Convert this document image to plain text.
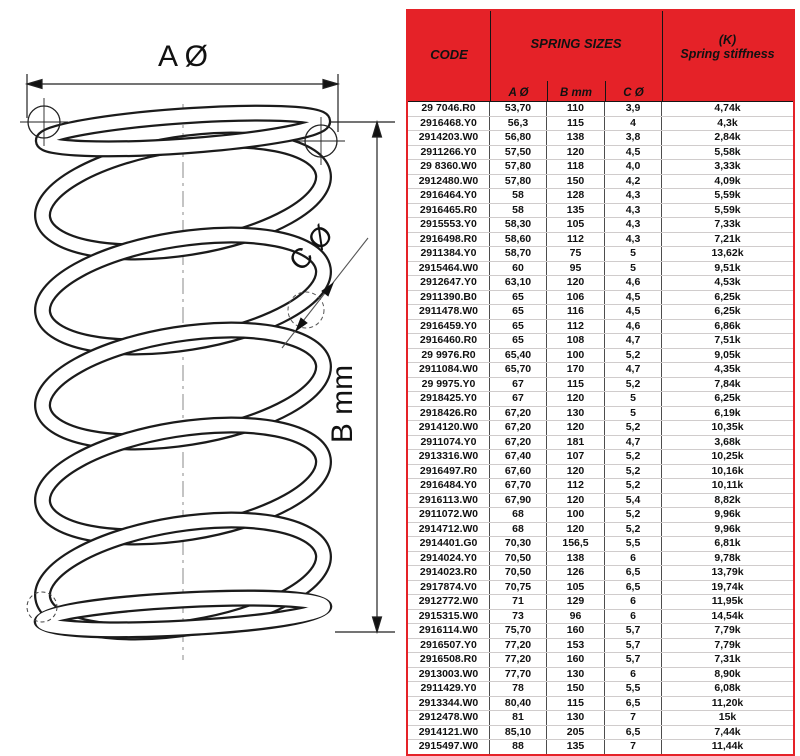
A Ø
B mm
C Ø
CODE
SPRING SIZES	(K)
Spring stiffness
A Ø	B mm	C Ø
29 7046.R0	53,70	110	3,9	4,74k
2916468.Y0	56,3	115	4	4,3k
2914203.W0	56,80	138	3,8	2,84k
2911266.Y0	57,50	120	4,5	5,58k
29 8360.W0	57,80	118	4,0	3,33k
2912480.W0	57,80	150	4,2	4,09k
2916464.Y0	58	128	4,3	5,59k
2916465.R0	58	135	4,3	5,59k
2915553.Y0	58,30	105	4,3	7,33k
2916498.R0	58,60	112	4,3	7,21k
2911384.Y0	58,70	75	5	13,62k
2915464.W0	60	95	5	9,51k
2912647.Y0	63,10	120	4,6	4,53k
2911390.B0	65	106	4,5	6,25k
2911478.W0	65	116	4,5	6,25k
2916459.Y0	65	112	4,6	6,86k
2916460.R0	65	108	4,7	7,51k
29 9976.R0	65,40	100	5,2	9,05k
2911084.W0	65,70	170	4,7	4,35k
29 9975.Y0	67	115	5,2	7,84k
2918425.Y0	67	120	5	6,25k
2918426.R0	67,20	130	5	6,19k
2914120.W0	67,20	120	5,2	10,35k
2911074.Y0	67,20	181	4,7	3,68k
2913316.W0	67,40	107	5,2	10,25k
2916497.R0	67,60	120	5,2	10,16k
2916484.Y0	67,70	112	5,2	10,11k
2916113.W0	67,90	120	5,4	8,82k
2911072.W0	68	100	5,2	9,96k
2914712.W0	68	120	5,2	9,96k
2914401.G0	70,30	156,5	5,5	6,81k
2914024.Y0	70,50	138	6	9,78k
2914023.R0	70,50	126	6,5	13,79k
2917874.V0	70,75	105	6,5	19,74k
2912772.W0	71	129	6	11,95k
2915315.W0	73	96	6	14,54k
2916114.W0	75,70	160	5,7	7,79k
2916507.Y0	77,20	153	5,7	7,79k
2916508.R0	77,20	160	5,7	7,31k
2913003.W0	77,70	130	6	8,90k
2911429.Y0	78	150	5,5	6,08k
2913344.W0	80,40	115	6,5	11,20k
2912478.W0	81	130	7	15k
2914121.W0	85,10	205	6,5	7,44k
2915497.W0	88	135	7	11,44k
